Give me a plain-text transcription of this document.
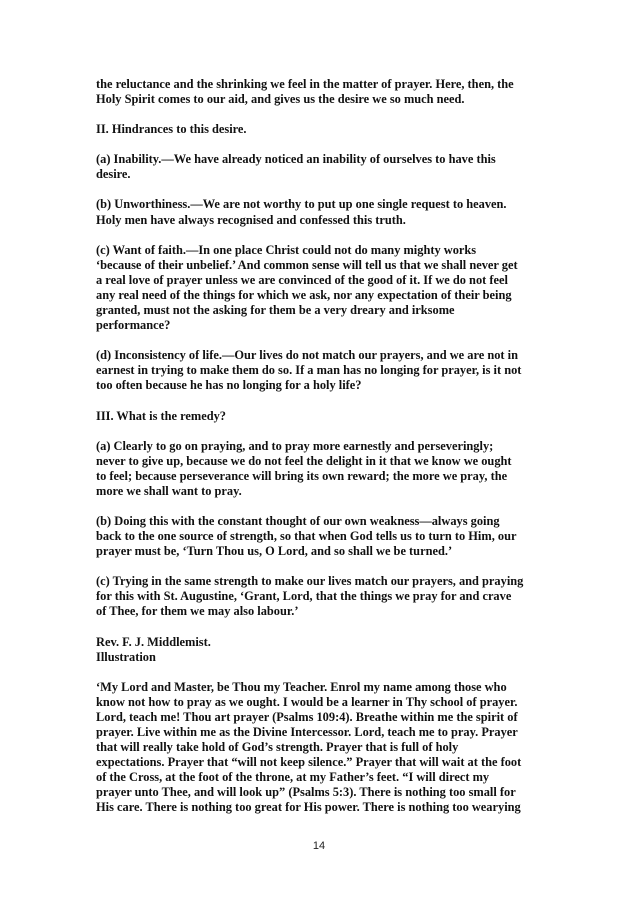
the reluctance and the shrinking we feel in the matter of prayer. Here, then, the
Holy Spirit comes to our aid, and gives us the desire we so much need.
II. Hindrances to this desire.
(a) Inability.—We have already noticed an inability of ourselves to have this
desire.
(b) Unworthiness.—We are not worthy to put up one single request to heaven.
Holy men have always recognised and confessed this truth.
(c) Want of faith.—In one place Christ could not do many mighty works
‘because of their unbelief.’ And common sense will tell us that we shall never get
a real love of prayer unless we are convinced of the good of it. If we do not feel
any real need of the things for which we ask, nor any expectation of their being
granted, must not the asking for them be a very dreary and irksome
performance?
(d) Inconsistency of life.—Our lives do not match our prayers, and we are not in
earnest in trying to make them do so. If a man has no longing for prayer, is it not
too often because he has no longing for a holy life?
III. What is the remedy?
(a) Clearly to go on praying, and to pray more earnestly and perseveringly;
never to give up, because we do not feel the delight in it that we know we ought
to feel; because perseverance will bring its own reward; the more we pray, the
more we shall want to pray.
(b) Doing this with the constant thought of our own weakness—always going
back to the one source of strength, so that when God tells us to turn to Him, our
prayer must be, ‘Turn Thou us, O Lord, and so shall we be turned.’
(c) Trying in the same strength to make our lives match our prayers, and praying
for this with St. Augustine, ‘Grant, Lord, that the things we pray for and crave
of Thee, for them we may also labour.’
Rev. F. J. Middlemist.
Illustration
‘My Lord and Master, be Thou my Teacher. Enrol my name among those who
know not how to pray as we ought. I would be a learner in Thy school of prayer.
Lord, teach me! Thou art prayer (Psalms 109:4). Breathe within me the spirit of
prayer. Live within me as the Divine Intercessor. Lord, teach me to pray. Prayer
that will really take hold of God’s strength. Prayer that is full of holy
expectations. Prayer that “will not keep silence.” Prayer that will wait at the foot
of the Cross, at the foot of the throne, at my Father’s feet. “I will direct my
prayer unto Thee, and will look up” (Psalms 5:3). There is nothing too small for
His care. There is nothing too great for His power. There is nothing too wearying
14
